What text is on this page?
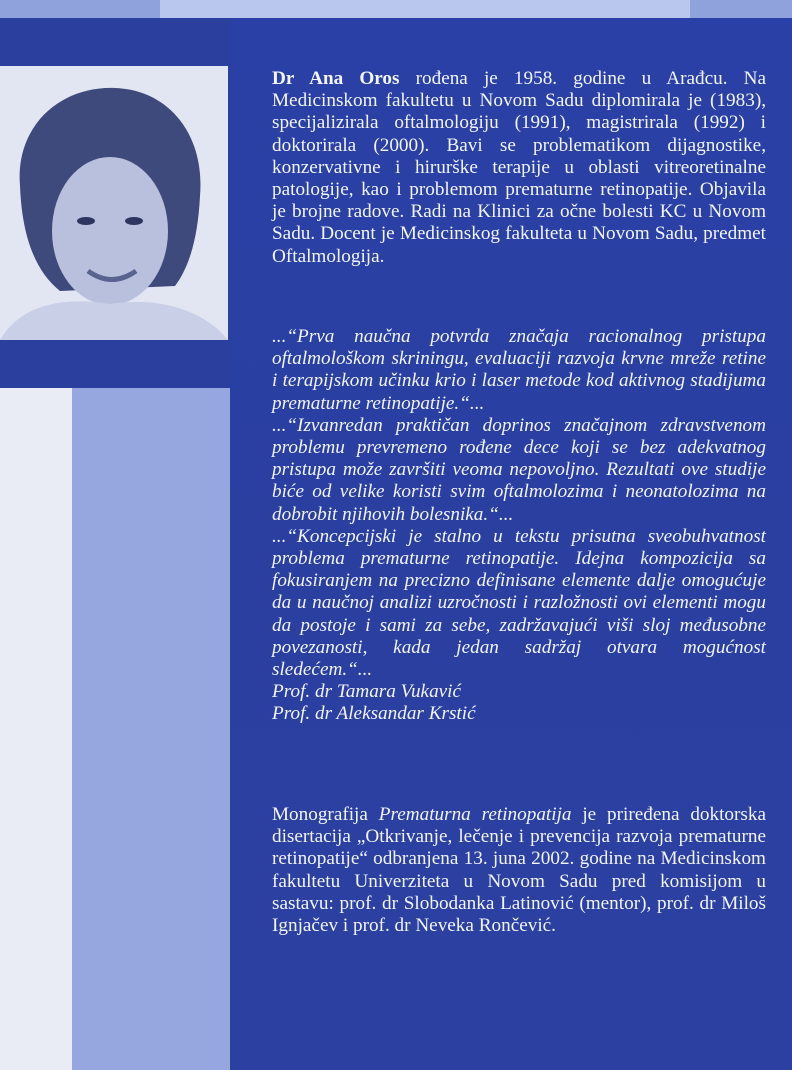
Dr Ana Oros rođena je 1958. godine u Arađcu. Na Medicinskom fakultetu u Novom Sadu diplomirala je (1983), specijalizirala oftalmologiju (1991), magistrirala (1992) i doktorirala (2000). Bavi se problematikom dijagnostike, konzervativne i hirurške terapije u oblasti vitreoretinalne patologije, kao i problemom prematurne retinopatije. Objavila je brojne radove. Radi na Klinici za očne bolesti KC u Novom Sadu. Docent je Medicinskog fakulteta u Novom Sadu, predmet Oftalmologija.

...“Prva naučna potvrda značaja racionalnog pristupa oftalmološkom skriningu, evaluaciji razvoja krvne mreže retine i terapijskom učinku krio i laser metode kod aktivnog stadijuma prematurne retinopatije.“...

...“Izvanredan praktičan doprinos značajnom zdravstvenom problemu prevremeno rođene dece koji se bez adekvatnog pristupa može završiti veoma nepovoljno. Rezultati ove studije biće od velike koristi svim oftalmolozima i neonatolozima na dobrobit njihovih bolesnika.“...

...“Koncepcijski je stalno u tekstu prisutna sveobuhvatnost problema prematurne retinopatije. Idejna kompozicija sa fokusiranjem na precizno definisane elemente dalje omogućuje da u naučnoj analizi uzročnosti i razložnosti ovi elementi mogu da postoje i sami za sebe, zadržavajući viši sloj međusobne povezanosti, kada jedan sadržaj otvara mogućnost sledećem.“...

Prof. dr Tamara Vukavić

Prof. dr Aleksandar Krstić

Monografija Prematurna retinopatija je priređena doktorska disertacija „Otkrivanje, lečenje i prevencija razvoja prematurne retinopatije“ odbranjena 13. juna 2002. godine na Medicinskom fakultetu Univerziteta u Novom Sadu pred komisijom u sastavu: prof. dr Slobodanka Latinović (mentor), prof. dr Miloš Ignjačev i prof. dr Neveka Rončević.
